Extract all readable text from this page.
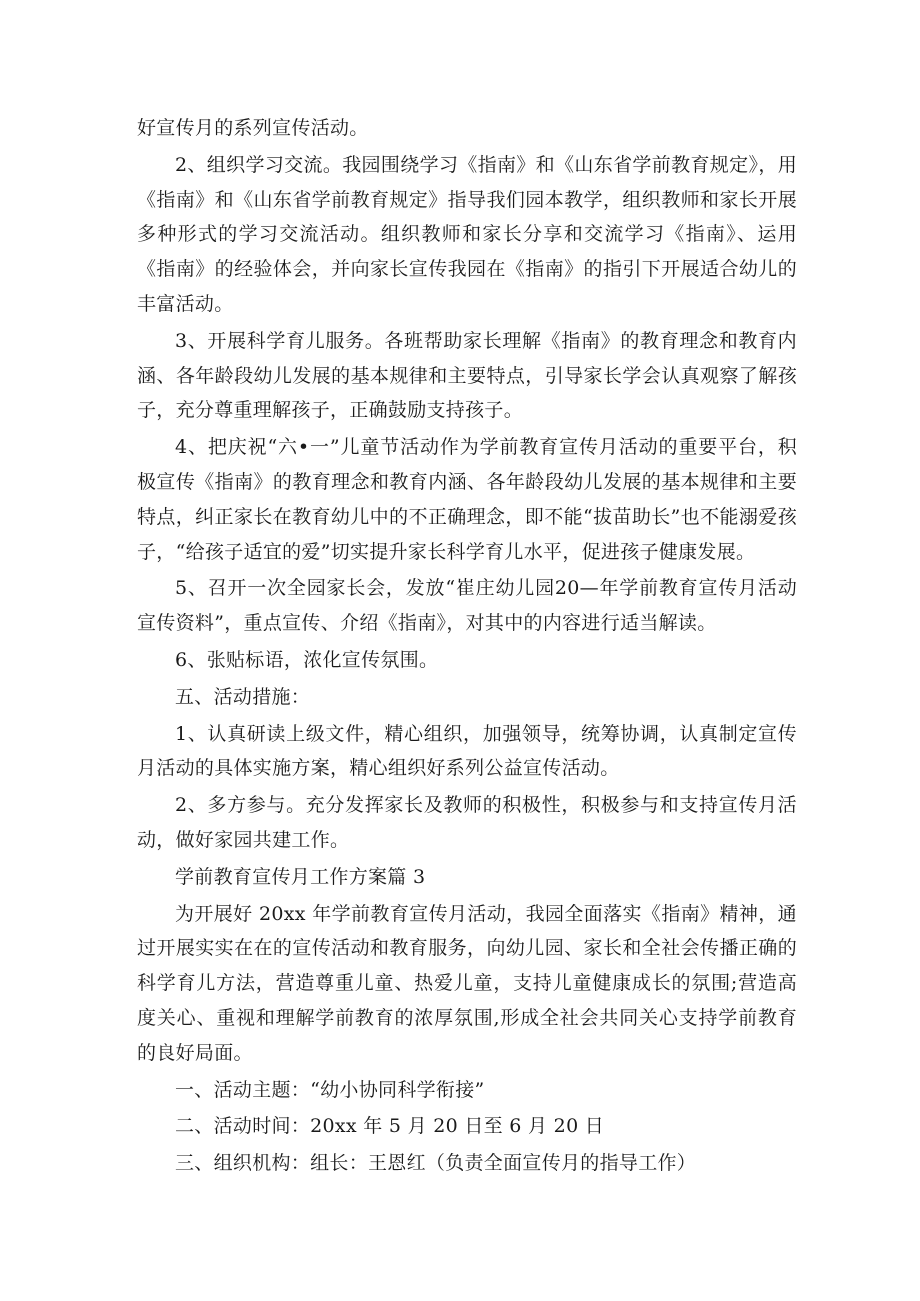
好宣传月的系列宣传活动。

2、组织学习交流。我园围绕学习《指南》和《山东省学前教育规定》，用《指南》和《山东省学前教育规定》指导我们园本教学，组织教师和家长开展多种形式的学习交流活动。组织教师和家长分享和交流学习《指南》、运用《指南》的经验体会，并向家长宣传我园在《指南》的指引下开展适合幼儿的丰富活动。

3、开展科学育儿服务。各班帮助家长理解《指南》的教育理念和教育内涵、各年龄段幼儿发展的基本规律和主要特点，引导家长学会认真观察了解孩子，充分尊重理解孩子，正确鼓励支持孩子。

4、把庆祝“六•一”儿童节活动作为学前教育宣传月活动的重要平台，积极宣传《指南》的教育理念和教育内涵、各年龄段幼儿发展的基本规律和主要特点，纠正家长在教育幼儿中的不正确理念，即不能“拔苗助长”也不能溺爱孩子，“给孩子适宜的爱”切实提升家长科学育儿水平，促进孩子健康发展。

5、召开一次全园家长会，发放“崔庄幼儿园20—年学前教育宣传月活动宣传资料”，重点宣传、介绍《指南》，对其中的内容进行适当解读。

6、张贴标语，浓化宣传氛围。

五、活动措施：

1、认真研读上级文件，精心组织，加强领导，统筹协调，认真制定宣传月活动的具体实施方案，精心组织好系列公益宣传活动。

2、多方参与。充分发挥家长及教师的积极性，积极参与和支持宣传月活动，做好家园共建工作。

学前教育宣传月工作方案篇 3

为开展好 20xx 年学前教育宣传月活动，我园全面落实《指南》精神，通过开展实实在在的宣传活动和教育服务，向幼儿园、家长和全社会传播正确的科学育儿方法，营造尊重儿童、热爱儿童，支持儿童健康成长的氛围;营造高度关心、重视和理解学前教育的浓厚氛围,形成全社会共同关心支持学前教育的良好局面。

一、活动主题：“幼小协同科学衔接”

二、活动时间：20xx 年 5 月 20 日至 6 月 20 日

三、组织机构：组长：王恩红（负责全面宣传月的指导工作）
